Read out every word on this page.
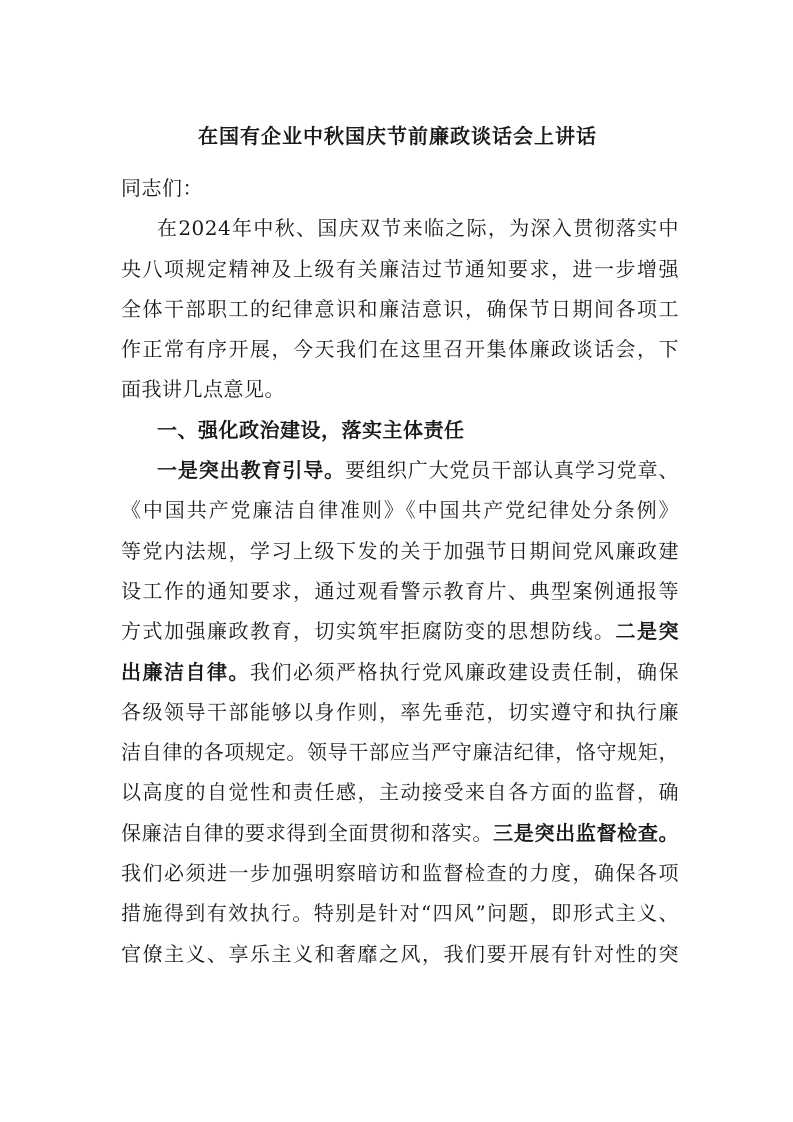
在国有企业中秋国庆节前廉政谈话会上讲话
同志们：
在2024年中秋、国庆双节来临之际，为深入贯彻落实中
央八项规定精神及上级有关廉洁过节通知要求，进一步增强
全体干部职工的纪律意识和廉洁意识，确保节日期间各项工
作正常有序开展，今天我们在这里召开集体廉政谈话会，下
面我讲几点意见。
一、强化政治建设，落实主体责任
一是突出教育引导。要组织广大党员干部认真学习党章、
《中国共产党廉洁自律准则》《中国共产党纪律处分条例》
等党内法规，学习上级下发的关于加强节日期间党风廉政建
设工作的通知要求，通过观看警示教育片、典型案例通报等
方式加强廉政教育，切实筑牢拒腐防变的思想防线。二是突
出廉洁自律。我们必须严格执行党风廉政建设责任制，确保
各级领导干部能够以身作则，率先垂范，切实遵守和执行廉
洁自律的各项规定。领导干部应当严守廉洁纪律，恪守规矩，
以高度的自觉性和责任感，主动接受来自各方面的监督，确
保廉洁自律的要求得到全面贯彻和落实。三是突出监督检查。
我们必须进一步加强明察暗访和监督检查的力度，确保各项
措施得到有效执行。特别是针对“四风”问题，即形式主义、
官僚主义、享乐主义和奢靡之风，我们要开展有针对性的突
